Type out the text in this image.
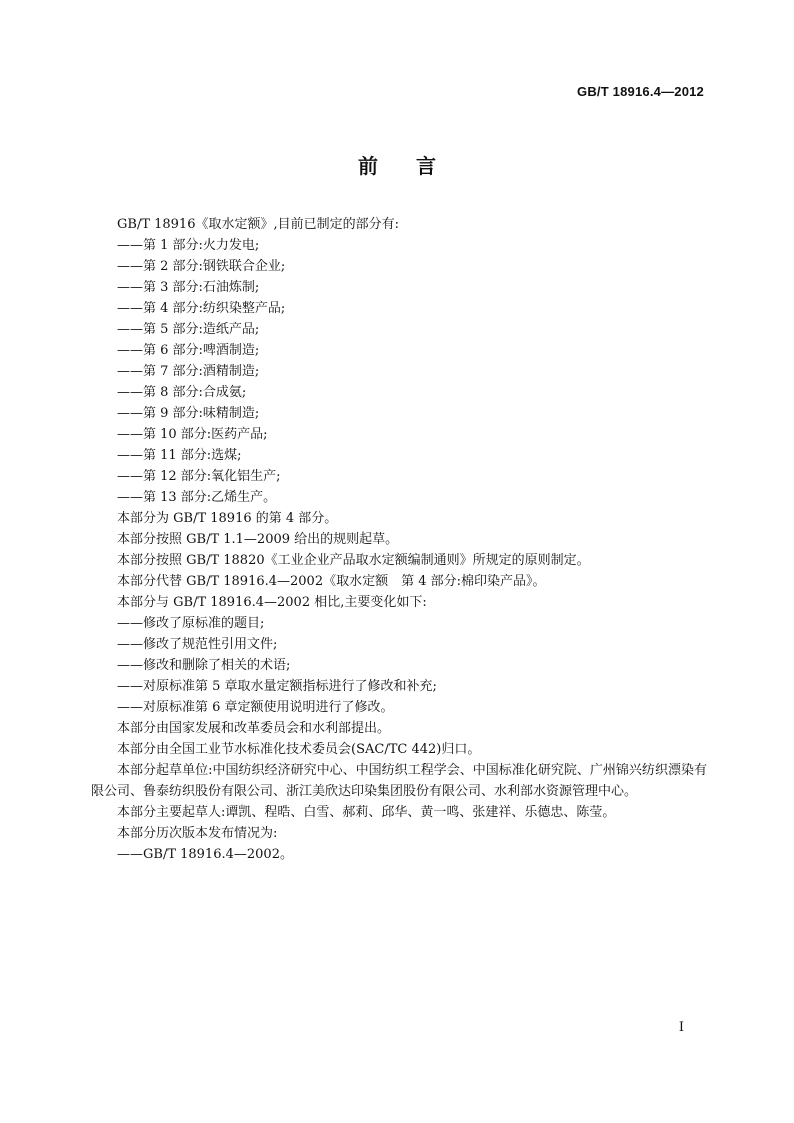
GB/T 18916.4—2012
前言

GB/T 18916《取水定额》,目前已制定的部分有:

——第 1 部分:火力发电;

——第 2 部分:钢铁联合企业;

——第 3 部分:石油炼制;

——第 4 部分:纺织染整产品;

——第 5 部分:造纸产品;

——第 6 部分:啤酒制造;

——第 7 部分:酒精制造;

——第 8 部分:合成氨;

——第 9 部分:味精制造;

——第 10 部分:医药产品;

——第 11 部分:选煤;

——第 12 部分:氧化铝生产;

——第 13 部分:乙烯生产。

本部分为 GB/T 18916 的第 4 部分。

本部分按照 GB/T 1.1—2009 给出的规则起草。

本部分按照 GB/T 18820《工业企业产品取水定额编制通则》所规定的原则制定。

本部分代替 GB/T 18916.4—2002《取水定额　第 4 部分:棉印染产品》。

本部分与 GB/T 18916.4—2002 相比,主要变化如下:

——修改了原标准的题目;

——修改了规范性引用文件;

——修改和删除了相关的术语;

——对原标准第 5 章取水量定额指标进行了修改和补充;

——对原标准第 6 章定额使用说明进行了修改。

本部分由国家发展和改革委员会和水利部提出。

本部分由全国工业节水标准化技术委员会(SAC/TC 442)归口。

本部分起草单位:中国纺织经济研究中心、中国纺织工程学会、中国标准化研究院、广州锦兴纺织漂染有限公司、鲁泰纺织股份有限公司、浙江美欣达印染集团股份有限公司、水利部水资源管理中心。

本部分主要起草人:谭凯、程晧、白雪、郝莉、邱华、黄一鸣、张建祥、乐德忠、陈莹。

本部分历次版本发布情况为:

——GB/T 18916.4—2002。

I
